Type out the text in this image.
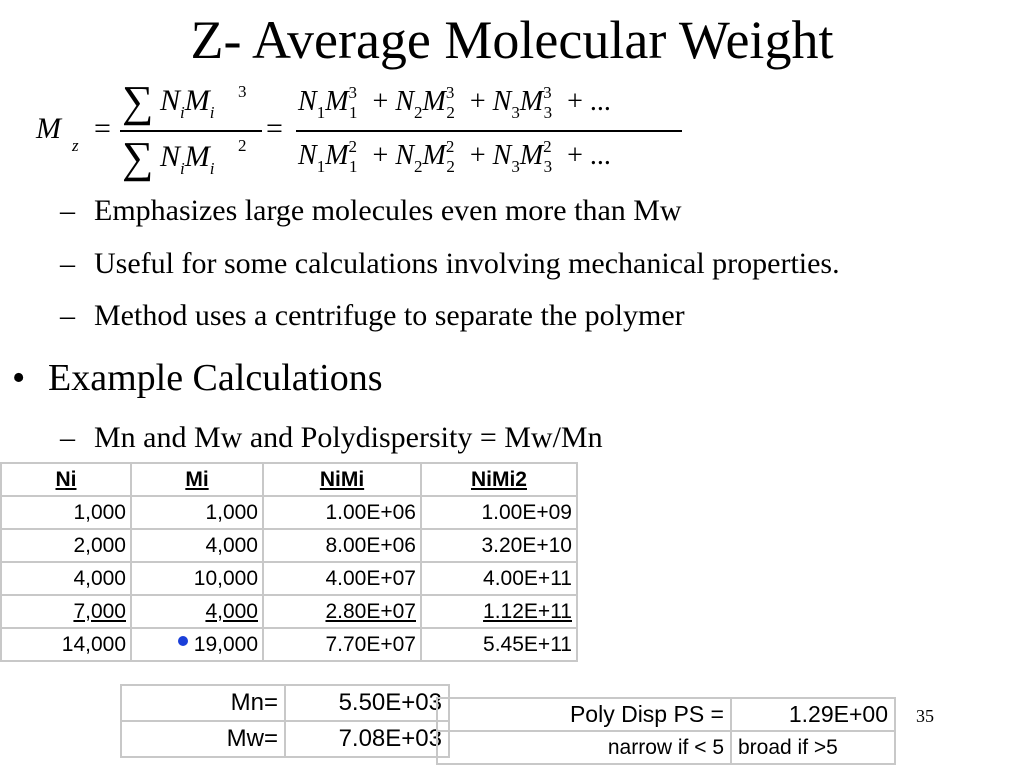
Z- Average Molecular Weight
M
z
=
∑ $N_iM_i$
3
∑ $N_iM_i$
2
=
$N_1M^3_1 + N_2M^3_2 + N_3M^3_3$ + ...
$N_1M^2_1 + N_2M^2_2 + N_3M^2_3$ + ...
– Emphasizes large molecules even more than Mw
– Useful for some calculations involving mechanical properties.
– Method uses a centrifuge to separate the polymer
• Example Calculations
– Mn and Mw and Polydispersity = Mw/Mn
Ni	Mi	NiMi	NiMi2
1,000	1,000	1.00E+06	1.00E+09
2,000	4,000	8.00E+06	3.20E+10
4,000	10,000	4.00E+07	4.00E+11
7,000	4,000	2.80E+07	1.12E+11
14,000	19,000	7.70E+07	5.45E+11
Mn=	5.50E+03
Mw=	7.08E+03
Poly Disp PS =	1.29E+00
narrow if < 5	broad if >5
35
